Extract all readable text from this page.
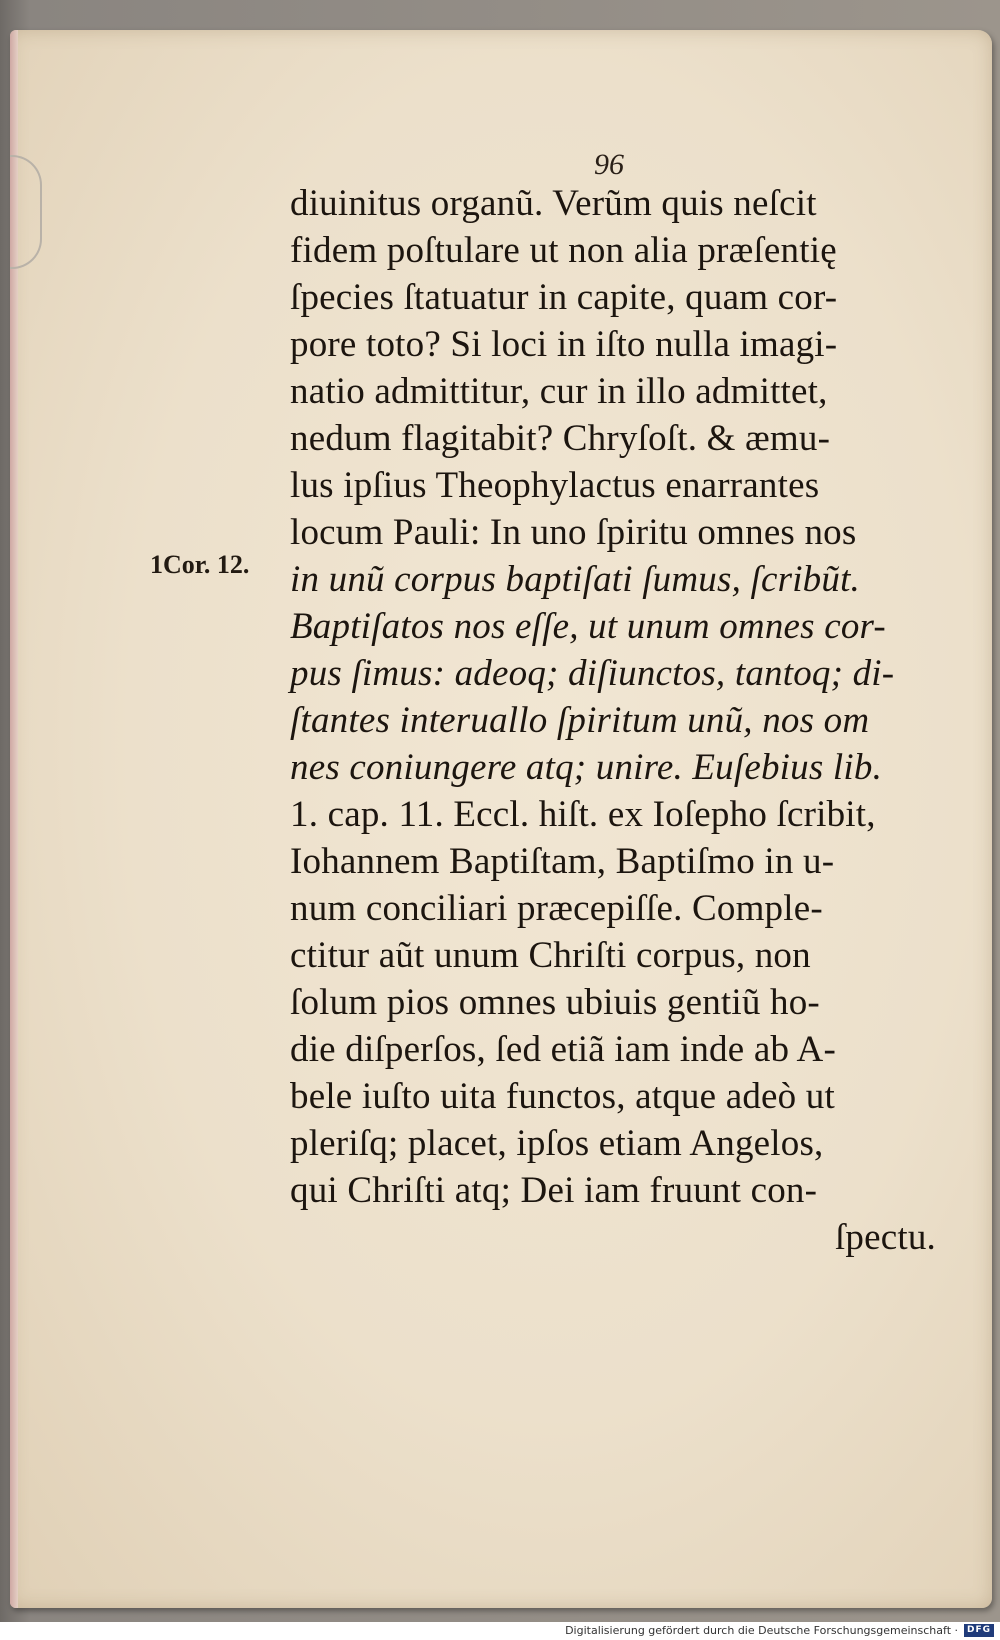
96
1Cor. 12.
diuinitus organũ. Verũm quis neſcit
fidem poſtulare ut non alia præſentię
ſpecies ſtatuatur in capite, quam cor-
pore toto? Si loci in iſto nulla imagi-
natio admittitur, cur in illo admittet,
nedum flagitabit? Chryſoſt. & æmu-
lus ipſius Theophylactus enarrantes
locum Pauli: In uno ſpiritu omnes nos
in unũ corpus baptiſati ſumus, ſcribũt.
Baptiſatos nos eſſe, ut unum omnes cor-
pus ſimus: adeoq; diſiunctos, tantoq; di-
ſtantes interuallo ſpiritum unũ, nos om
nes coniungere atq; unire. Euſebius lib.
1. cap. 11. Eccl. hiſt. ex Ioſepho ſcribit,
Iohannem Baptiſtam, Baptiſmo in u-
num conciliari præcepiſſe. Comple-
ctitur aũt unum Chriſti corpus, non
ſolum pios omnes ubiuis gentiũ ho-
die diſperſos, ſed etiã iam inde ab A-
bele iuſto uita functos, atque adeò ut
pleriſq; placet, ipſos etiam Angelos,
qui Chriſti atq; Dei iam fruunt con-
ſpectu.
Digitalisierung gefördert durch die Deutsche Forschungsgemeinschaft · DFG
